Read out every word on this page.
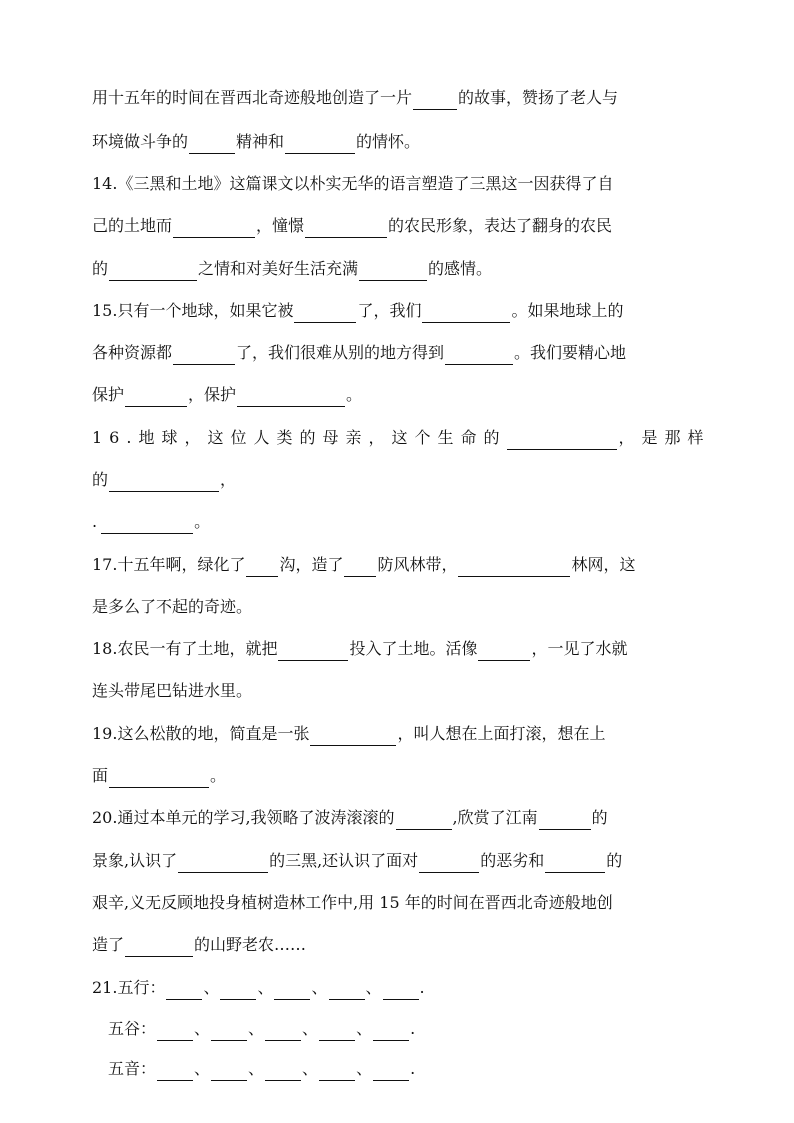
用十五年的时间在晋西北奇迹般地创造了一片	的故事，赞扬了老人与
环境做斗争的	精神和	的情怀。
14.《三黑和土地》这篇课文以朴实无华的语言塑造了三黑这一因获得了自
己的土地而	，憧憬	的农民形象，表达了翻身的农民
的	之情和对美好生活充满	的感情。
15.只有一个地球，如果它被	了，我们	。如果地球上的
各种资源都	了，我们很难从别的地方得到	。我们要精心地
保护	，保护	。
16.地球，这位人类的母亲，这个生命的	，是那样
的	，
.	。
17.十五年啊，绿化了 沟，造了 防风林带，	林网，这
是多么了不起的奇迹。
18.农民一有了土地，就把	投入了土地。活像	，一见了水就
连头带尾巴钻进水里。
19.这么松散的地，简直是一张	，叫人想在上面打滚，想在上
面	。
20.通过本单元的学习,我领略了波涛滚滚的	,欣赏了江南	的
景象,认识了	的三黑,还认识了面对	的恶劣和	的
艰辛,义无反顾地投身植树造林工作中,用 15 年的时间在晋西北奇迹般地创
造了	的山野老农……
21.五行： 、 、 、 、 .
五谷： 、 、 、 、 .
五音： 、 、 、 、 .
